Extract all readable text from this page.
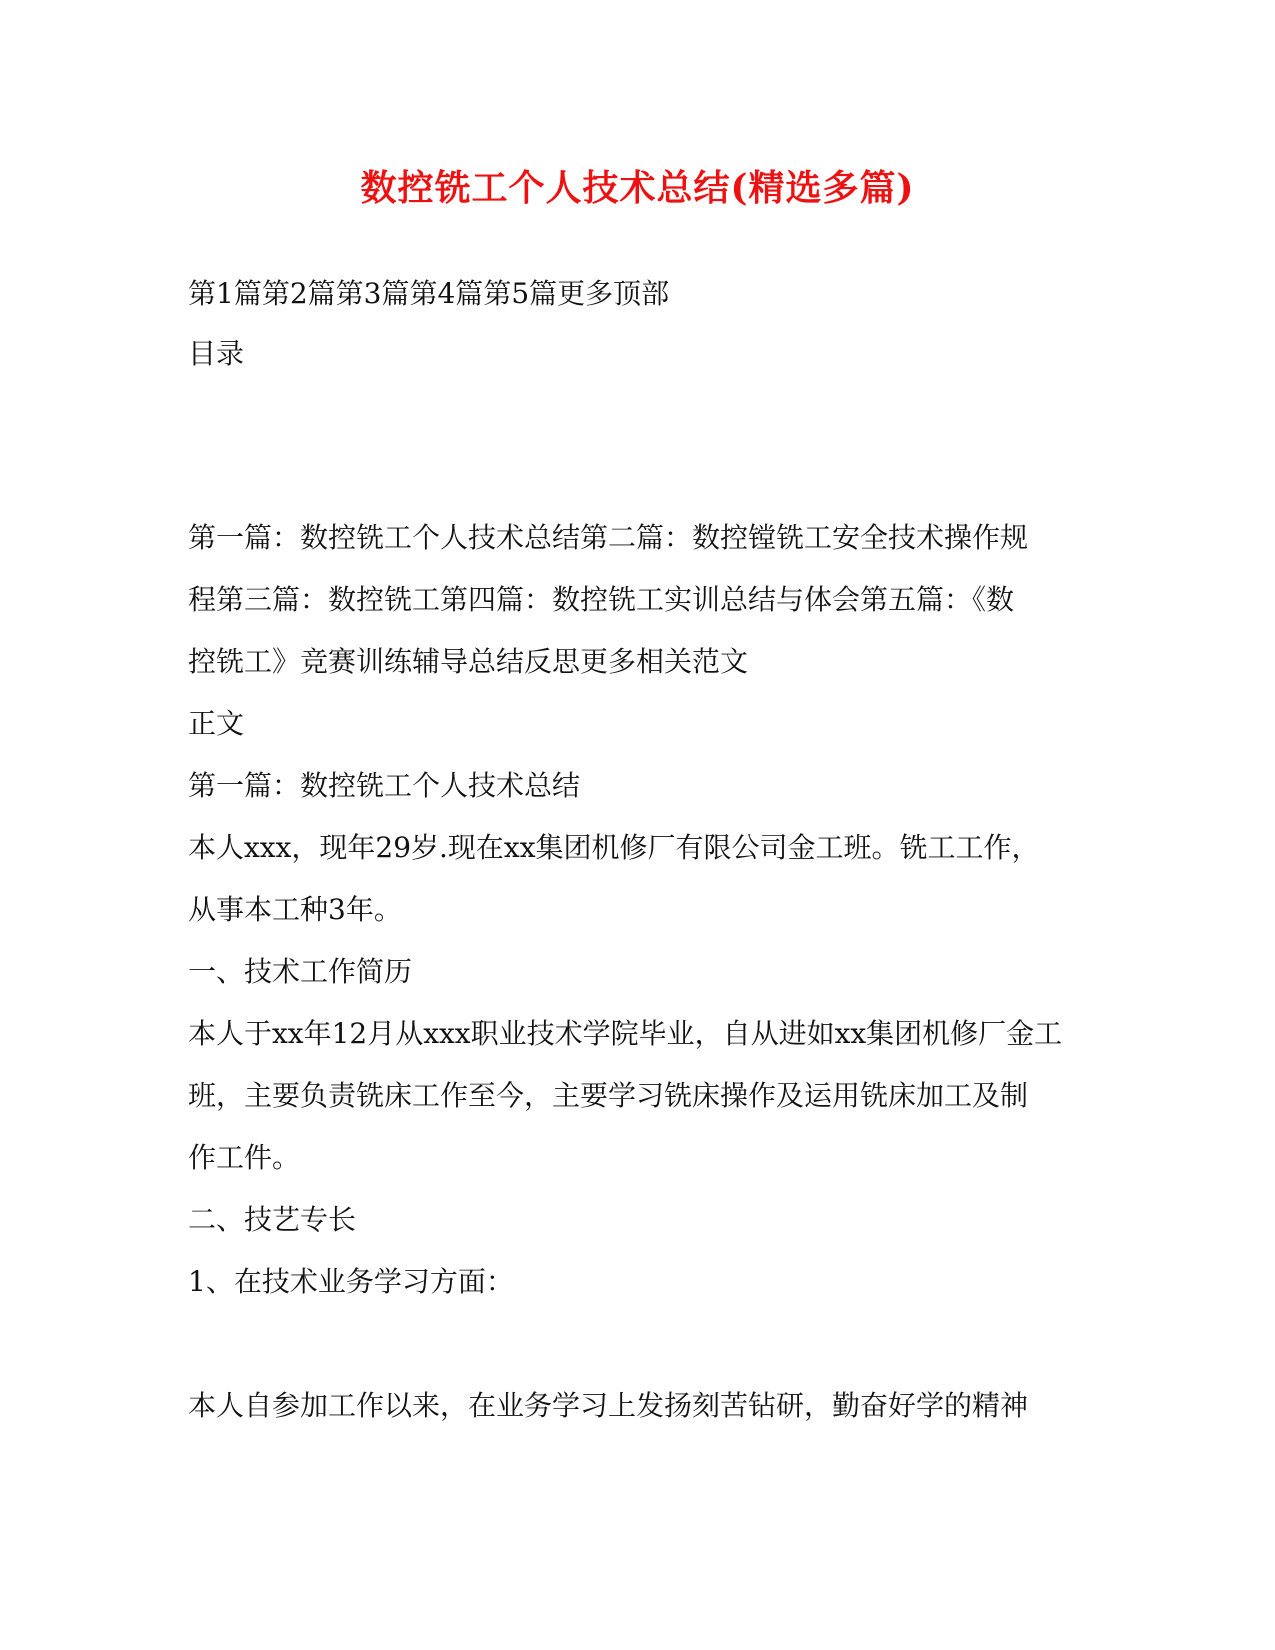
数控铣工个人技术总结(精选多篇)
第1篇第2篇第3篇第4篇第5篇更多顶部
目录
第一篇：数控铣工个人技术总结第二篇：数控镗铣工安全技术操作规
程第三篇：数控铣工第四篇：数控铣工实训总结与体会第五篇：《数
控铣工》竞赛训练辅导总结反思更多相关范文
正文
第一篇：数控铣工个人技术总结
本人xxx，现年29岁.现在xx集团机修厂有限公司金工班。铣工工作，
从事本工种3年。
一、技术工作简历
本人于xx年12月从xxx职业技术学院毕业，自从进如xx集团机修厂金工
班，主要负责铣床工作至今，主要学习铣床操作及运用铣床加工及制
作工件。
二、技艺专长
1、在技术业务学习方面：
本人自参加工作以来，在业务学习上发扬刻苦钻研，勤奋好学的精神
